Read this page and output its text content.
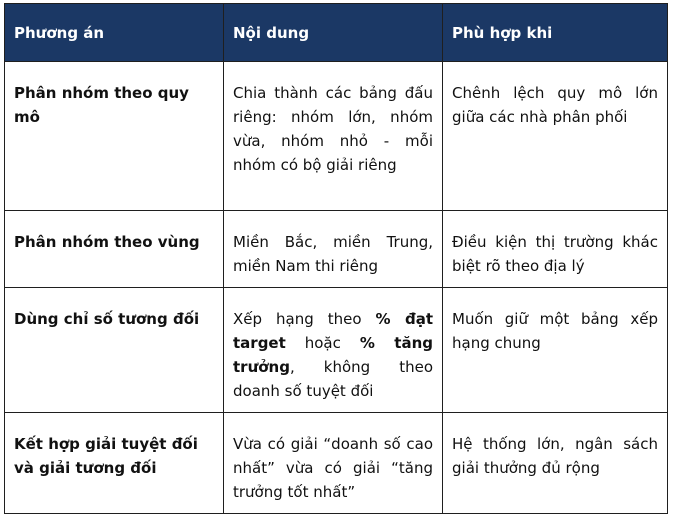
Phương án	Nội dung	Phù hợp khi
Phân nhóm theo quy mô	Chia thành các bảng đấu riêng: nhóm lớn, nhóm vừa, nhóm nhỏ - mỗi nhóm có bộ giải riêng	Chênh lệch quy mô lớn giữa các nhà phân phối
Phân nhóm theo vùng	Miền Bắc, miền Trung, miền Nam thi riêng	Điều kiện thị trường khác biệt rõ theo địa lý
Dùng chỉ số tương đối	Xếp hạng theo % đạt target hoặc % tăng trưởng, không theo doanh số tuyệt đối	Muốn giữ một bảng xếp hạng chung
Kết hợp giải tuyệt đối và giải tương đối	Vừa có giải “doanh số cao nhất” vừa có giải “tăng trưởng tốt nhất”	Hệ thống lớn, ngân sách giải thưởng đủ rộng
